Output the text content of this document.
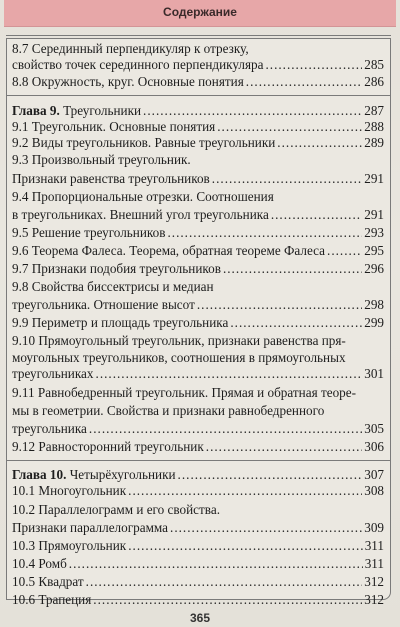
Содержание
8.7 Серединный перпендикуляр к отрезку,
свойство точек серединного перпендикуляра .....	285
8.8 Окружность, круг. Основные понятия .....	286
Глава 9. Треугольники .....	287
9.1 Треугольник. Основные понятия .....	288
9.2 Виды треугольников. Равные треугольники .....	289
9.3 Произвольный треугольник.
Признаки равенства треугольников .....	291
9.4 Пропорциональные отрезки. Соотношения
в треугольниках. Внешний угол треугольника .....	291
9.5 Решение треугольников .....	293
9.6 Теорема Фалеса. Теорема, обратная теореме Фалеса .....	295
9.7 Признаки подобия треугольников .....	296
9.8 Свойства биссектрисы и медиан
треугольника. Отношение высот .....	298
9.9 Периметр и площадь треугольника .....	299
9.10 Прямоугольный треугольник, признаки равенства пря-
моугольных треугольников, соотношения в прямоугольных
треугольниках .....	301
9.11 Равнобедренный треугольник. Прямая и обратная теоре-
мы в геометрии. Свойства и признаки равнобедренного
треугольника .....	305
9.12 Равносторонний треугольник .....	306
Глава 10. Четырёхугольники .....	307
10.1 Многоугольник .....	308
10.2 Параллелограмм и его свойства.
Признаки параллелограмма .....	309
10.3 Прямоугольник .....	311
10.4 Ромб .....	311
10.5 Квадрат .....	312
10.6 Трапеция .....	312
365
